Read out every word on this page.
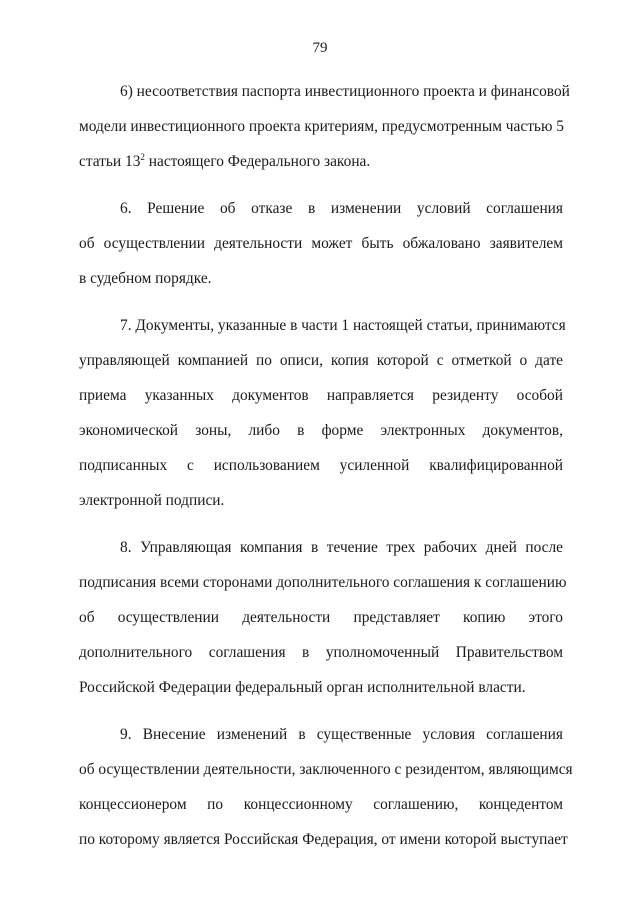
79
6) несоответствия паспорта инвестиционного проекта и финансовой
модели инвестиционного проекта критериям, предусмотренным частью 5
статьи $13^2$ настоящего Федерального закона.
6. Решение об отказе в изменении условий соглашения
об осуществлении деятельности может быть обжаловано заявителем
в судебном порядке.
7. Документы, указанные в части 1 настоящей статьи, принимаются
управляющей компанией по описи, копия которой с отметкой о дате
приема указанных документов направляется резиденту особой
экономической зоны, либо в форме электронных документов,
подписанных с использованием усиленной квалифицированной
электронной подписи.
8. Управляющая компания в течение трех рабочих дней после
подписания всеми сторонами дополнительного соглашения к соглашению
об осуществлении деятельности представляет копию этого
дополнительного соглашения в уполномоченный Правительством
Российской Федерации федеральный орган исполнительной власти.
9. Внесение изменений в существенные условия соглашения
об осуществлении деятельности, заключенного с резидентом, являющимся
концессионером по концессионному соглашению, концедентом
по которому является Российская Федерация, от имени которой выступает
